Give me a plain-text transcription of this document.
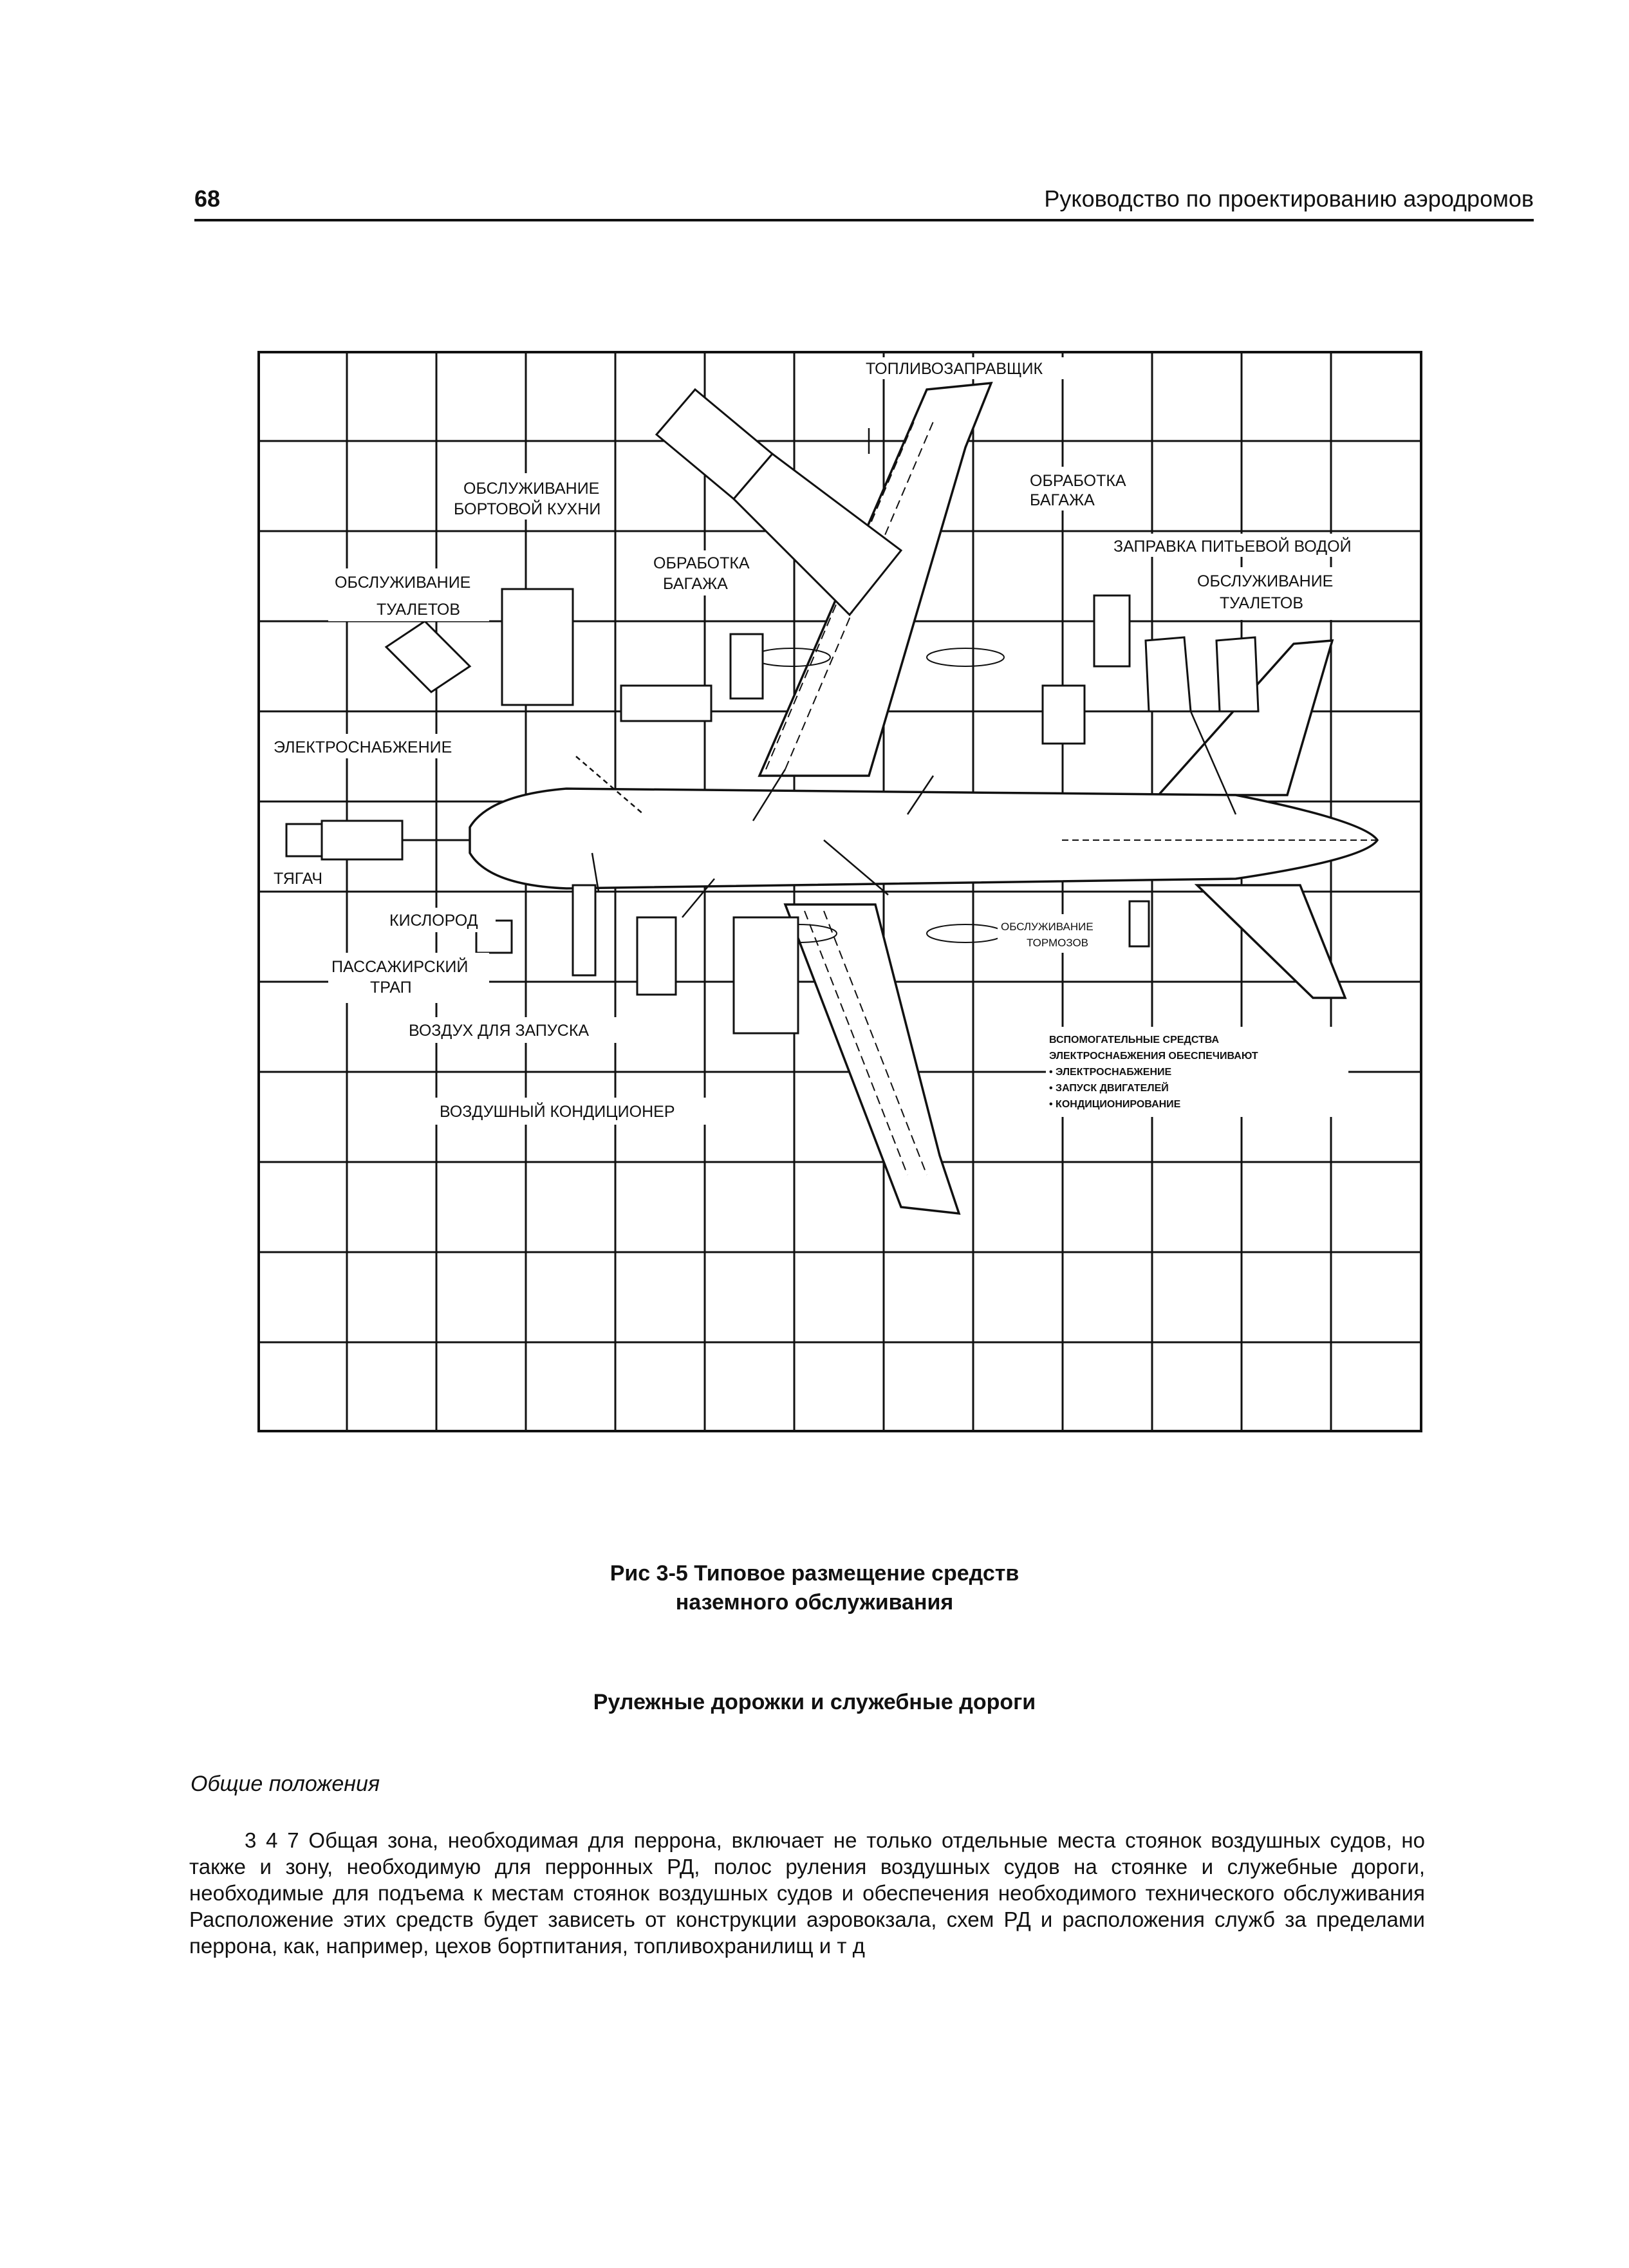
68	Руководство по проектированию аэродромов
ТОПЛИВОЗАПРАВЩИК
ОБСЛУЖИВАНИЕ
БОРТОВОЙ КУХНИ
ОБРАБОТКА
БАГАЖА
ЗАПРАВКА ПИТЬЕВОЙ ВОДОЙ
ОБСЛУЖИВАНИЕ
ТУАЛЕТОВ
ОБРАБОТКА
БАГАЖА	ОБСЛУЖИВАНИЕ
ТУАЛЕТОВ
ЭЛЕКТРОСНАБЖЕНИЕ
ТЯГАЧ
КИСЛОРОД
ПАССАЖИРСКИЙ
ТРАП
ОБСЛУЖИВАНИЕ
ТОРМОЗОВ
ВОЗДУХ ДЛЯ ЗАПУСКА
ВОЗДУШНЫЙ КОНДИЦИОНЕР
ВСПОМОГАТЕЛЬНЫЕ СРЕДСТВА
ЭЛЕКТРОСНАБЖЕНИЯ ОБЕСПЕЧИВАЮТ
• ЭЛЕКТРОСНАБЖЕНИЕ
• ЗАПУСК ДВИГАТЕЛЕЙ
• КОНДИЦИОНИРОВАНИЕ
Рис 3-5 Типовое размещение средств
наземного обслуживания
Рулежные дорожки и служебные дороги
Общие положения
3 4 7 Общая зона, необходимая для перрона, включает не только отдельные места стоянок воздушных судов, но также и зону, необходимую для перронных РД, полос руления воздушных судов на стоянке и служебные дороги, необходимые для подъема к местам стоянок воздушных судов и обеспечения необходимого технического обслуживания Расположение этих средств будет зависеть от конструкции аэровокзала, схем РД и расположения служб за пределами перрона, как, например, цехов бортпитания, топливохранилищ и т д
